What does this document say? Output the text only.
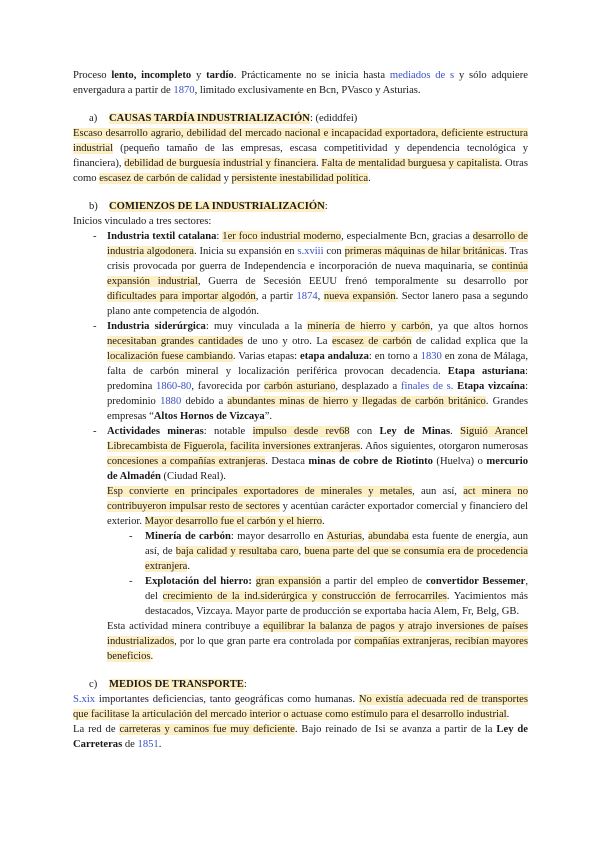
Proceso lento, incompleto y tardío. Prácticamente no se inicia hasta mediados de s y sólo adquiere envergadura a partir de 1870, limitado exclusivamente en Bcn, PVasco y Asturias.

a)	CAUSAS TARDÍA INDUSTRIALIZACIÓN: (ediddfei)

Escaso desarrollo agrario, debilidad del mercado nacional e incapacidad exportadora, deficiente estructura industrial (pequeño tamaño de las empresas, escasa competitividad y dependencia tecnológica y financiera), debilidad de burguesía industrial y financiera. Falta de mentalidad burguesa y capitalista. Otras como escasez de carbón de calidad y persistente inestabilidad política.

b)	COMIENZOS DE LA INDUSTRIALIZACIÓN:

Inicios vinculado a tres sectores:

- Industria textil catalana: 1er foco industrial moderno, especialmente Bcn, gracias a desarrollo de industria algodonera. Inicia su expansión en s.xviii con primeras máquinas de hilar británicas. Tras crisis provocada por guerra de Independencia e incorporación de nueva maquinaria, se continúa expansión industrial, Guerra de Secesión EEUU frenó temporalmente su desarrollo por dificultades para importar algodón, a partir 1874, nueva expansión. Sector lanero pasa a segundo plano ante competencia de algodón.
- Industria siderúrgica: muy vinculada a la minería de hierro y carbón, ya que altos hornos necesitaban grandes cantidades de uno y otro. La escasez de carbón de calidad explica que la localización fuese cambiando. Varias etapas: etapa andaluza: en torno a 1830 en zona de Málaga, falta de carbón mineral y localización periférica provocan decadencia. Etapa asturiana: predomina 1860-80, favorecida por carbón asturiano, desplazado a finales de s. Etapa vizcaína: predominio 1880 debido a abundantes minas de hierro y llegadas de carbón británico. Grandes empresas “Altos Hornos de Vizcaya”.
- Actividades mineras: notable impulso desde rev68 con Ley de Minas. Siguió Arancel Librecambista de Figuerola, facilita inversiones extranjeras. Años siguientes, otorgaron numerosas concesiones a compañías extranjeras. Destaca minas de cobre de Riotinto (Huelva) o mercurio de Almadén (Ciudad Real).

Esp convierte en principales exportadores de minerales y metales, aun así, act minera no contribuyeron impulsar resto de sectores y acentúan carácter exportador comercial y financiero del exterior. Mayor desarrollo fue el carbón y el hierro.

- Minería de carbón: mayor desarrollo en Asturias, abundaba esta fuente de energía, aun así, de baja calidad y resultaba caro, buena parte del que se consumía era de procedencia extranjera.
- Explotación del hierro: gran expansión a partir del empleo de convertidor Bessemer, del crecimiento de la ind.siderúrgica y construcción de ferrocarriles. Yacimientos más destacados, Vizcaya. Mayor parte de producción se exportaba hacia Alem, Fr, Belg, GB.

Esta actividad minera contribuye a equilibrar la balanza de pagos y atrajo inversiones de países industrializados, por lo que gran parte era controlada por compañías extranjeras, recibían mayores beneficios.

c)	MEDIOS DE TRANSPORTE:

S.xix importantes deficiencias, tanto geográficas como humanas. No existía adecuada red de transportes que facilitase la articulación del mercado interior o actuase como estímulo para el desarrollo industrial.

La red de carreteras y caminos fue muy deficiente. Bajo reinado de Isi se avanza a partir de la Ley de Carreteras de 1851.
